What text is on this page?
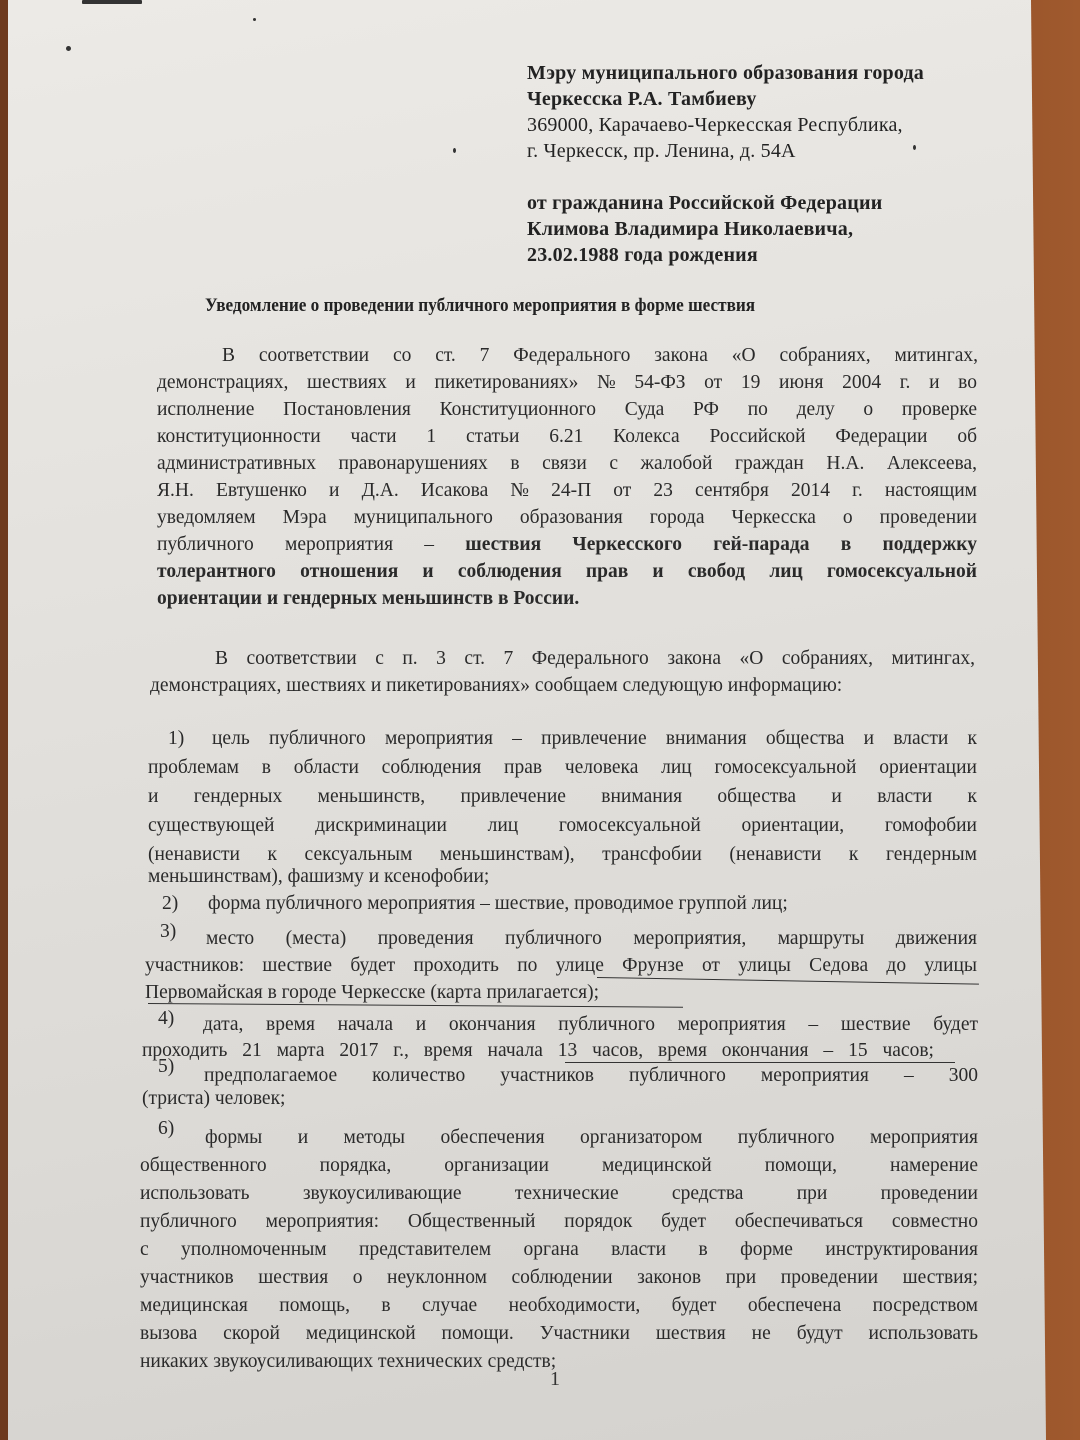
Мэру муниципального образования города
Черкесска Р.А. Тамбиеву
369000, Карачаево-Черкесская Республика,
г. Черкесск, пр. Ленина, д. 54А
от гражданина Российской Федерации
Климова Владимира Николаевича,
23.02.1988 года рождения
Уведомление о проведении публичного мероприятия в форме шествия
В соответствии со ст. 7 Федерального закона «О собраниях, митингах,
демонстрациях, шествиях и пикетированиях» № 54-ФЗ от 19 июня 2004 г. и во
исполнение Постановления Конституционного Суда РФ по делу о проверке
конституционности части 1 статьи 6.21 Колекса Российской Федерации об
административных правонарушениях в связи с жалобой граждан Н.А. Алексеева,
Я.Н. Евтушенко и Д.А. Исакова № 24-П от 23 сентября 2014 г. настоящим
уведомляем Мэра муниципального образования города Черкесска о проведении
публичного мероприятия – шествия Черкесского гей-парада в поддержку
толерантного отношения и соблюдения прав и свобод лиц гомосексуальной
ориентации и гендерных меньшинств в России.
В соответствии с п. 3 ст. 7 Федерального закона «О собраниях, митингах,
демонстрациях, шествиях и пикетированиях» сообщаем следующую информацию:
1) цель публичного мероприятия – привлечение внимания общества и власти к
проблемам в области соблюдения прав человека лиц гомосексуальной ориентации
и гендерных меньшинств, привлечение внимания общества и власти к
существующей дискриминации лиц гомосексуальной ориентации, гомофобии
(ненависти к сексуальным меньшинствам), трансфобии (ненависти к гендерным
меньшинствам), фашизму и ксенофобии;
2) форма публичного мероприятия – шествие, проводимое группой лиц;
3) место (места) проведения публичного мероприятия, маршруты движения
участников: шествие будет проходить по улице Фрунзе от улицы Седова до улицы
Первомайская в городе Черкесске (карта прилагается);
4) дата, время начала и окончания публичного мероприятия – шествие будет
проходить 21 марта 2017 г., время начала 13 часов, время окончания – 15 часов;
5) предполагаемое количество участников публичного мероприятия – 300
(триста) человек;
6) формы и методы обеспечения организатором публичного мероприятия
общественного порядка, организации медицинской помощи, намерение
использовать звукоусиливающие технические средства при проведении
публичного мероприятия: Общественный порядок будет обеспечиваться совместно
с уполномоченным представителем органа власти в форме инструктирования
участников шествия о неуклонном соблюдении законов при проведении шествия;
медицинская помощь, в случае необходимости, будет обеспечена посредством
вызова скорой медицинской помощи. Участники шествия не будут использовать
никаких звукоусиливающих технических средств;
1
